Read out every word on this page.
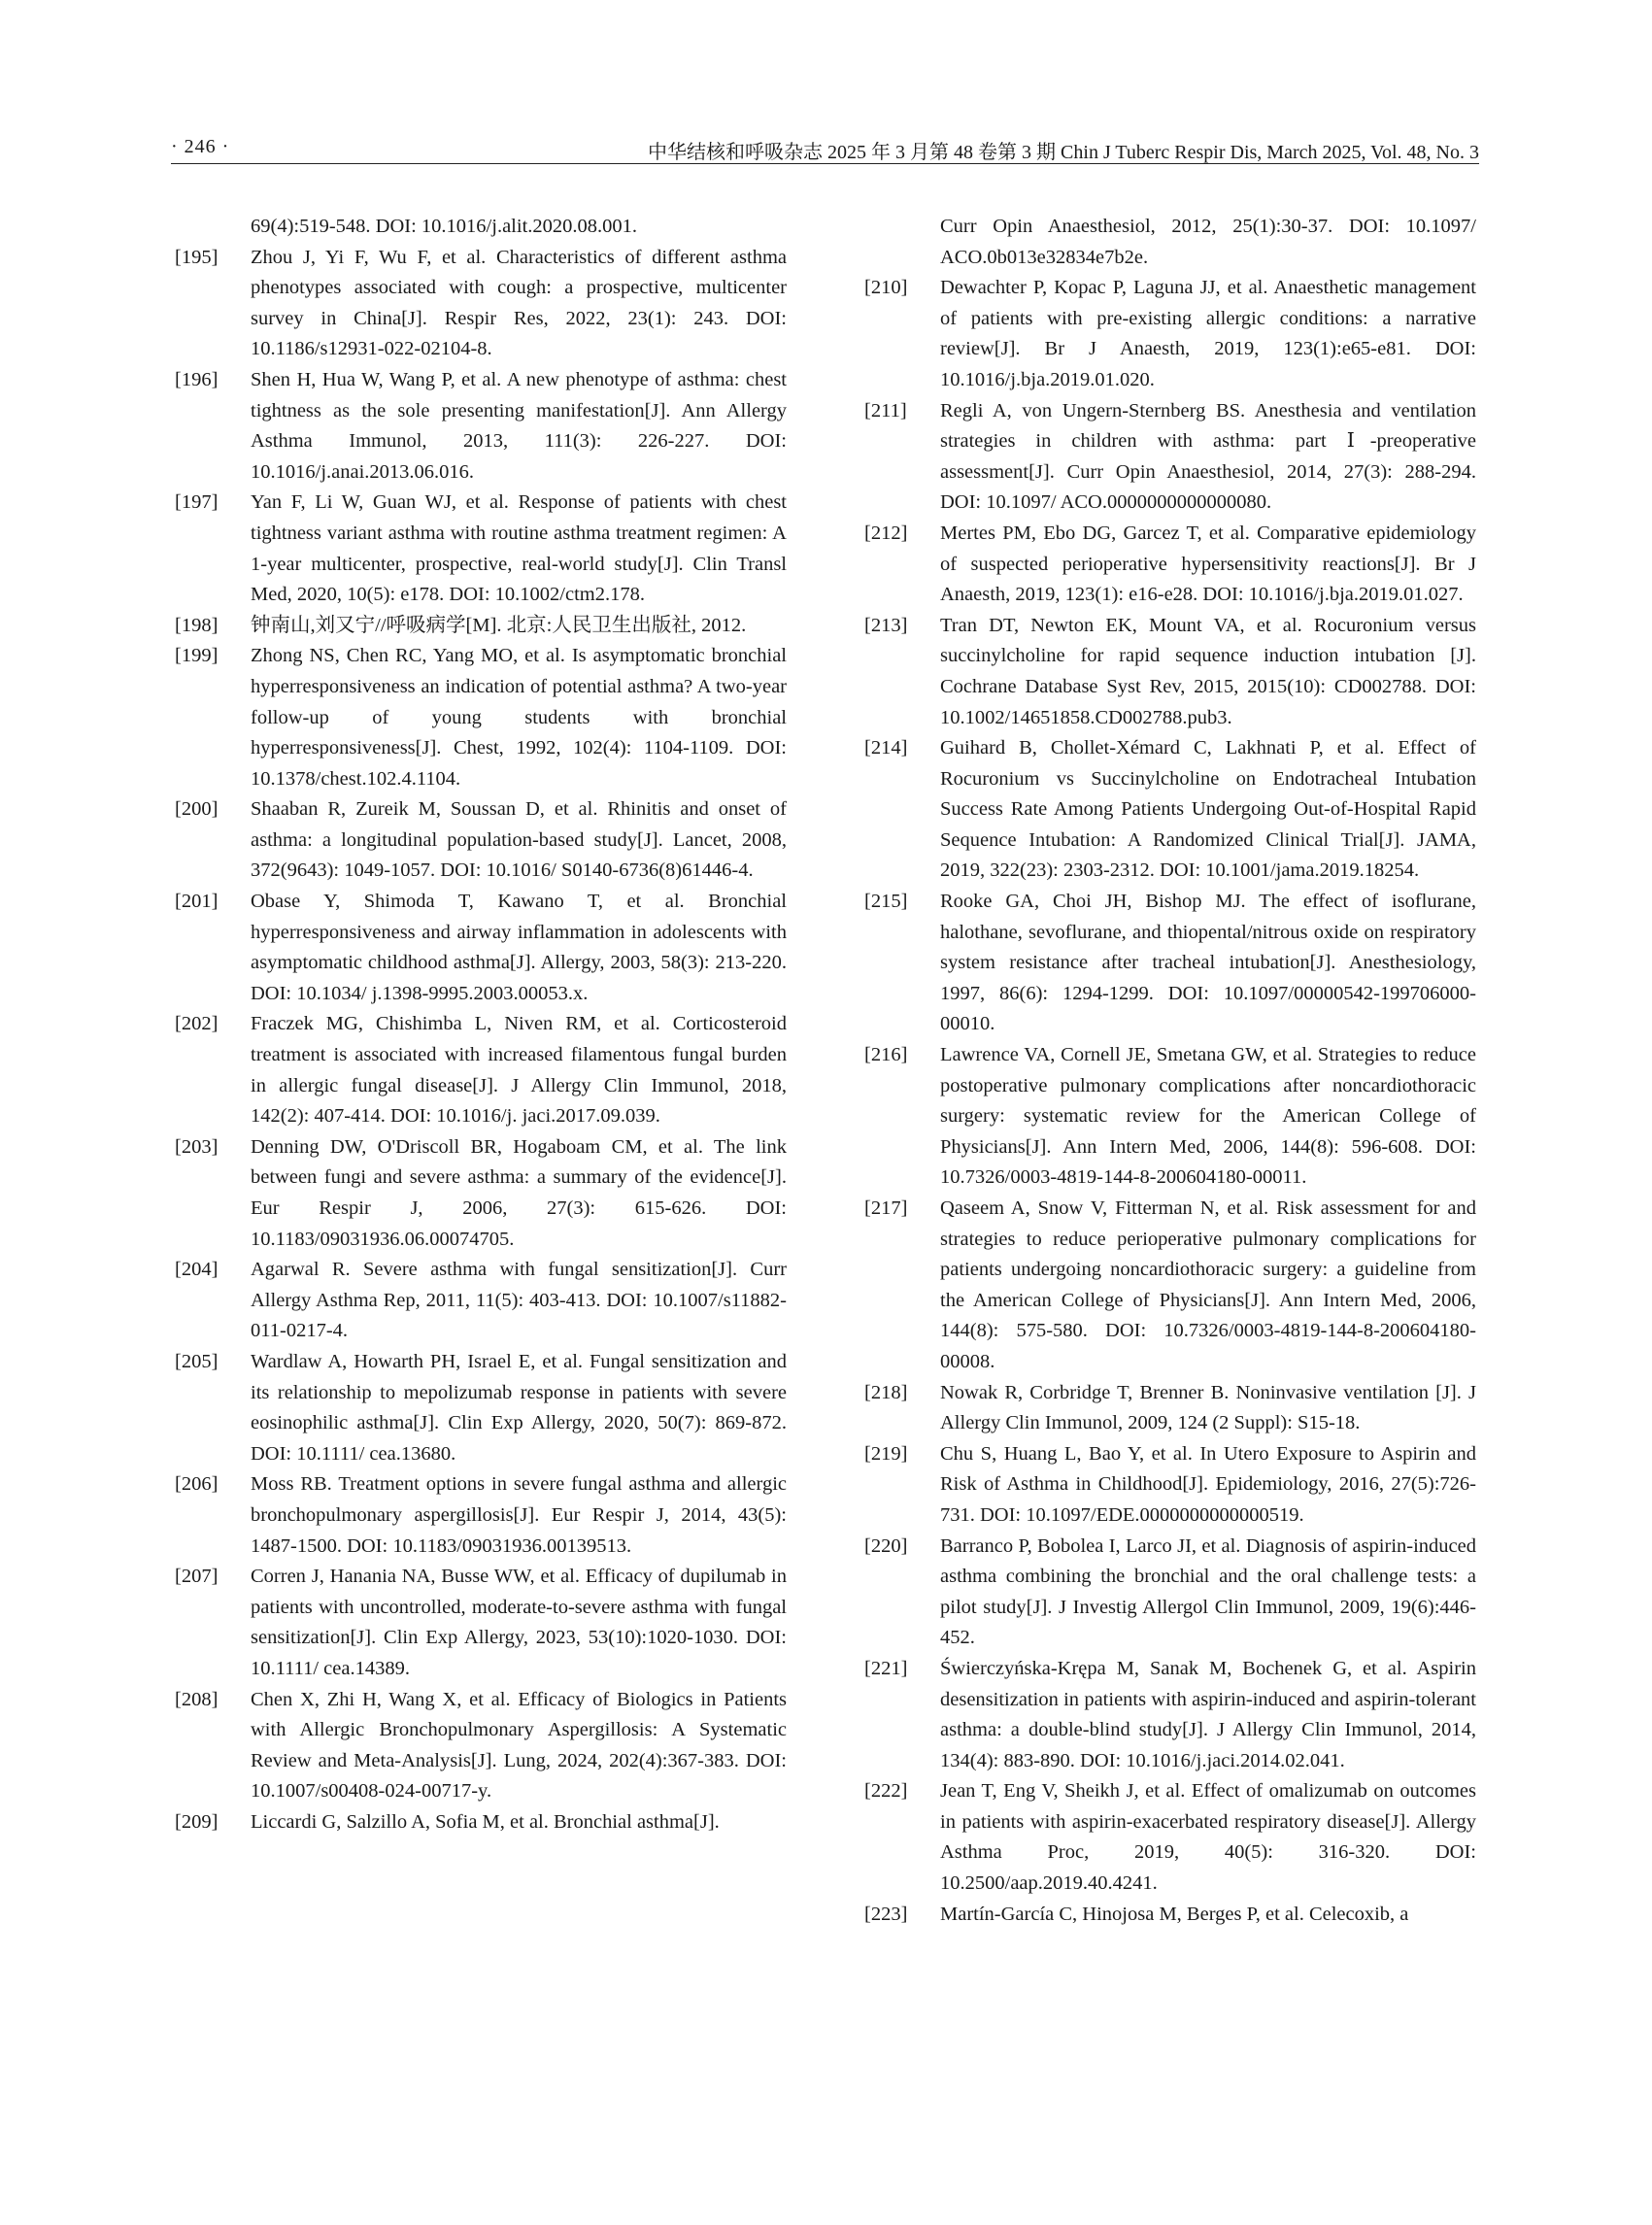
· 246 ·	中华结核和呼吸杂志 2025 年 3 月第 48 卷第 3 期 Chin J Tuberc Respir Dis, March 2025, Vol. 48, No. 3
69(4):519-548. DOI: 10.1016/j.alit.2020.08.001.
[195] Zhou J, Yi F, Wu F, et al. Characteristics of different asthma phenotypes associated with cough: a prospective, multicenter survey in China[J]. Respir Res, 2022, 23(1): 243. DOI: 10.1186/s12931-022-02104-8.
[196] Shen H, Hua W, Wang P, et al. A new phenotype of asthma: chest tightness as the sole presenting manifestation[J]. Ann Allergy Asthma Immunol, 2013, 111(3): 226-227. DOI: 10.1016/j.anai.2013.06.016.
[197] Yan F, Li W, Guan WJ, et al. Response of patients with chest tightness variant asthma with routine asthma treatment regimen: A 1-year multicenter, prospective, real-world study[J]. Clin Transl Med, 2020, 10(5): e178. DOI: 10.1002/ctm2.178.
[198] 钟南山,刘又宁//呼吸病学[M]. 北京:人民卫生出版社, 2012.
[199] Zhong NS, Chen RC, Yang MO, et al. Is asymptomatic bronchial hyperresponsiveness an indication of potential asthma? A two-year follow-up of young students with bronchial hyperresponsiveness[J]. Chest, 1992, 102(4): 1104-1109. DOI: 10.1378/chest.102.4.1104.
[200] Shaaban R, Zureik M, Soussan D, et al. Rhinitis and onset of asthma: a longitudinal population-based study[J]. Lancet, 2008, 372(9643): 1049-1057. DOI: 10.1016/ S0140-6736(8)61446-4.
[201] Obase Y, Shimoda T, Kawano T, et al. Bronchial hyperresponsiveness and airway inflammation in adolescents with asymptomatic childhood asthma[J]. Allergy, 2003, 58(3): 213-220. DOI: 10.1034/ j.1398-9995.2003.00053.x.
[202] Fraczek MG, Chishimba L, Niven RM, et al. Corticosteroid treatment is associated with increased filamentous fungal burden in allergic fungal disease[J]. J Allergy Clin Immunol, 2018, 142(2): 407-414. DOI: 10.1016/j. jaci.2017.09.039.
[203] Denning DW, O'Driscoll BR, Hogaboam CM, et al. The link between fungi and severe asthma: a summary of the evidence[J]. Eur Respir J, 2006, 27(3): 615-626. DOI: 10.1183/09031936.06.00074705.
[204] Agarwal R. Severe asthma with fungal sensitization[J]. Curr Allergy Asthma Rep, 2011, 11(5): 403-413. DOI: 10.1007/s11882-011-0217-4.
[205] Wardlaw A, Howarth PH, Israel E, et al. Fungal sensitization and its relationship to mepolizumab response in patients with severe eosinophilic asthma[J]. Clin Exp Allergy, 2020, 50(7): 869-872. DOI: 10.1111/ cea.13680.
[206] Moss RB. Treatment options in severe fungal asthma and allergic bronchopulmonary aspergillosis[J]. Eur Respir J, 2014, 43(5): 1487-1500. DOI: 10.1183/09031936.00139513.
[207] Corren J, Hanania NA, Busse WW, et al. Efficacy of dupilumab in patients with uncontrolled, moderate-to-severe asthma with fungal sensitization[J]. Clin Exp Allergy, 2023, 53(10):1020-1030. DOI: 10.1111/ cea.14389.
[208] Chen X, Zhi H, Wang X, et al. Efficacy of Biologics in Patients with Allergic Bronchopulmonary Aspergillosis: A Systematic Review and Meta-Analysis[J]. Lung, 2024, 202(4):367-383. DOI: 10.1007/s00408-024-00717-y.
[209] Liccardi G, Salzillo A, Sofia M, et al. Bronchial asthma[J].
Curr Opin Anaesthesiol, 2012, 25(1):30-37. DOI: 10.1097/ ACO.0b013e32834e7b2e.
[210] Dewachter P, Kopac P, Laguna JJ, et al. Anaesthetic management of patients with pre-existing allergic conditions: a narrative review[J]. Br J Anaesth, 2019, 123(1):e65-e81. DOI: 10.1016/j.bja.2019.01.020.
[211] Regli A, von Ungern-Sternberg BS. Anesthesia and ventilation strategies in children with asthma: part Ⅰ-preoperative assessment[J]. Curr Opin Anaesthesiol, 2014, 27(3): 288-294. DOI: 10.1097/ ACO.0000000000000080.
[212] Mertes PM, Ebo DG, Garcez T, et al. Comparative epidemiology of suspected perioperative hypersensitivity reactions[J]. Br J Anaesth, 2019, 123(1): e16-e28. DOI: 10.1016/j.bja.2019.01.027.
[213] Tran DT, Newton EK, Mount VA, et al. Rocuronium versus succinylcholine for rapid sequence induction intubation [J]. Cochrane Database Syst Rev, 2015, 2015(10): CD002788. DOI: 10.1002/14651858.CD002788.pub3.
[214] Guihard B, Chollet-Xémard C, Lakhnati P, et al. Effect of Rocuronium vs Succinylcholine on Endotracheal Intubation Success Rate Among Patients Undergoing Out-of-Hospital Rapid Sequence Intubation: A Randomized Clinical Trial[J]. JAMA, 2019, 322(23): 2303-2312. DOI: 10.1001/jama.2019.18254.
[215] Rooke GA, Choi JH, Bishop MJ. The effect of isoflurane, halothane, sevoflurane, and thiopental/nitrous oxide on respiratory system resistance after tracheal intubation[J]. Anesthesiology, 1997, 86(6): 1294-1299. DOI: 10.1097/00000542-199706000-00010.
[216] Lawrence VA, Cornell JE, Smetana GW, et al. Strategies to reduce postoperative pulmonary complications after noncardiothoracic surgery: systematic review for the American College of Physicians[J]. Ann Intern Med, 2006, 144(8): 596-608. DOI: 10.7326/0003-4819-144-8-200604180-00011.
[217] Qaseem A, Snow V, Fitterman N, et al. Risk assessment for and strategies to reduce perioperative pulmonary complications for patients undergoing noncardiothoracic surgery: a guideline from the American College of Physicians[J]. Ann Intern Med, 2006, 144(8): 575-580. DOI: 10.7326/0003-4819-144-8-200604180-00008.
[218] Nowak R, Corbridge T, Brenner B. Noninvasive ventilation [J]. J Allergy Clin Immunol, 2009, 124 (2 Suppl): S15-18.
[219] Chu S, Huang L, Bao Y, et al. In Utero Exposure to Aspirin and Risk of Asthma in Childhood[J]. Epidemiology, 2016, 27(5):726-731. DOI: 10.1097/EDE.0000000000000519.
[220] Barranco P, Bobolea I, Larco JI, et al. Diagnosis of aspirin-induced asthma combining the bronchial and the oral challenge tests: a pilot study[J]. J Investig Allergol Clin Immunol, 2009, 19(6):446-452.
[221] Świerczyńska-Krępa M, Sanak M, Bochenek G, et al. Aspirin desensitization in patients with aspirin-induced and aspirin-tolerant asthma: a double-blind study[J]. J Allergy Clin Immunol, 2014, 134(4): 883-890. DOI: 10.1016/j.jaci.2014.02.041.
[222] Jean T, Eng V, Sheikh J, et al. Effect of omalizumab on outcomes in patients with aspirin-exacerbated respiratory disease[J]. Allergy Asthma Proc, 2019, 40(5): 316-320. DOI: 10.2500/aap.2019.40.4241.
[223] Martín-García C, Hinojosa M, Berges P, et al. Celecoxib, a
